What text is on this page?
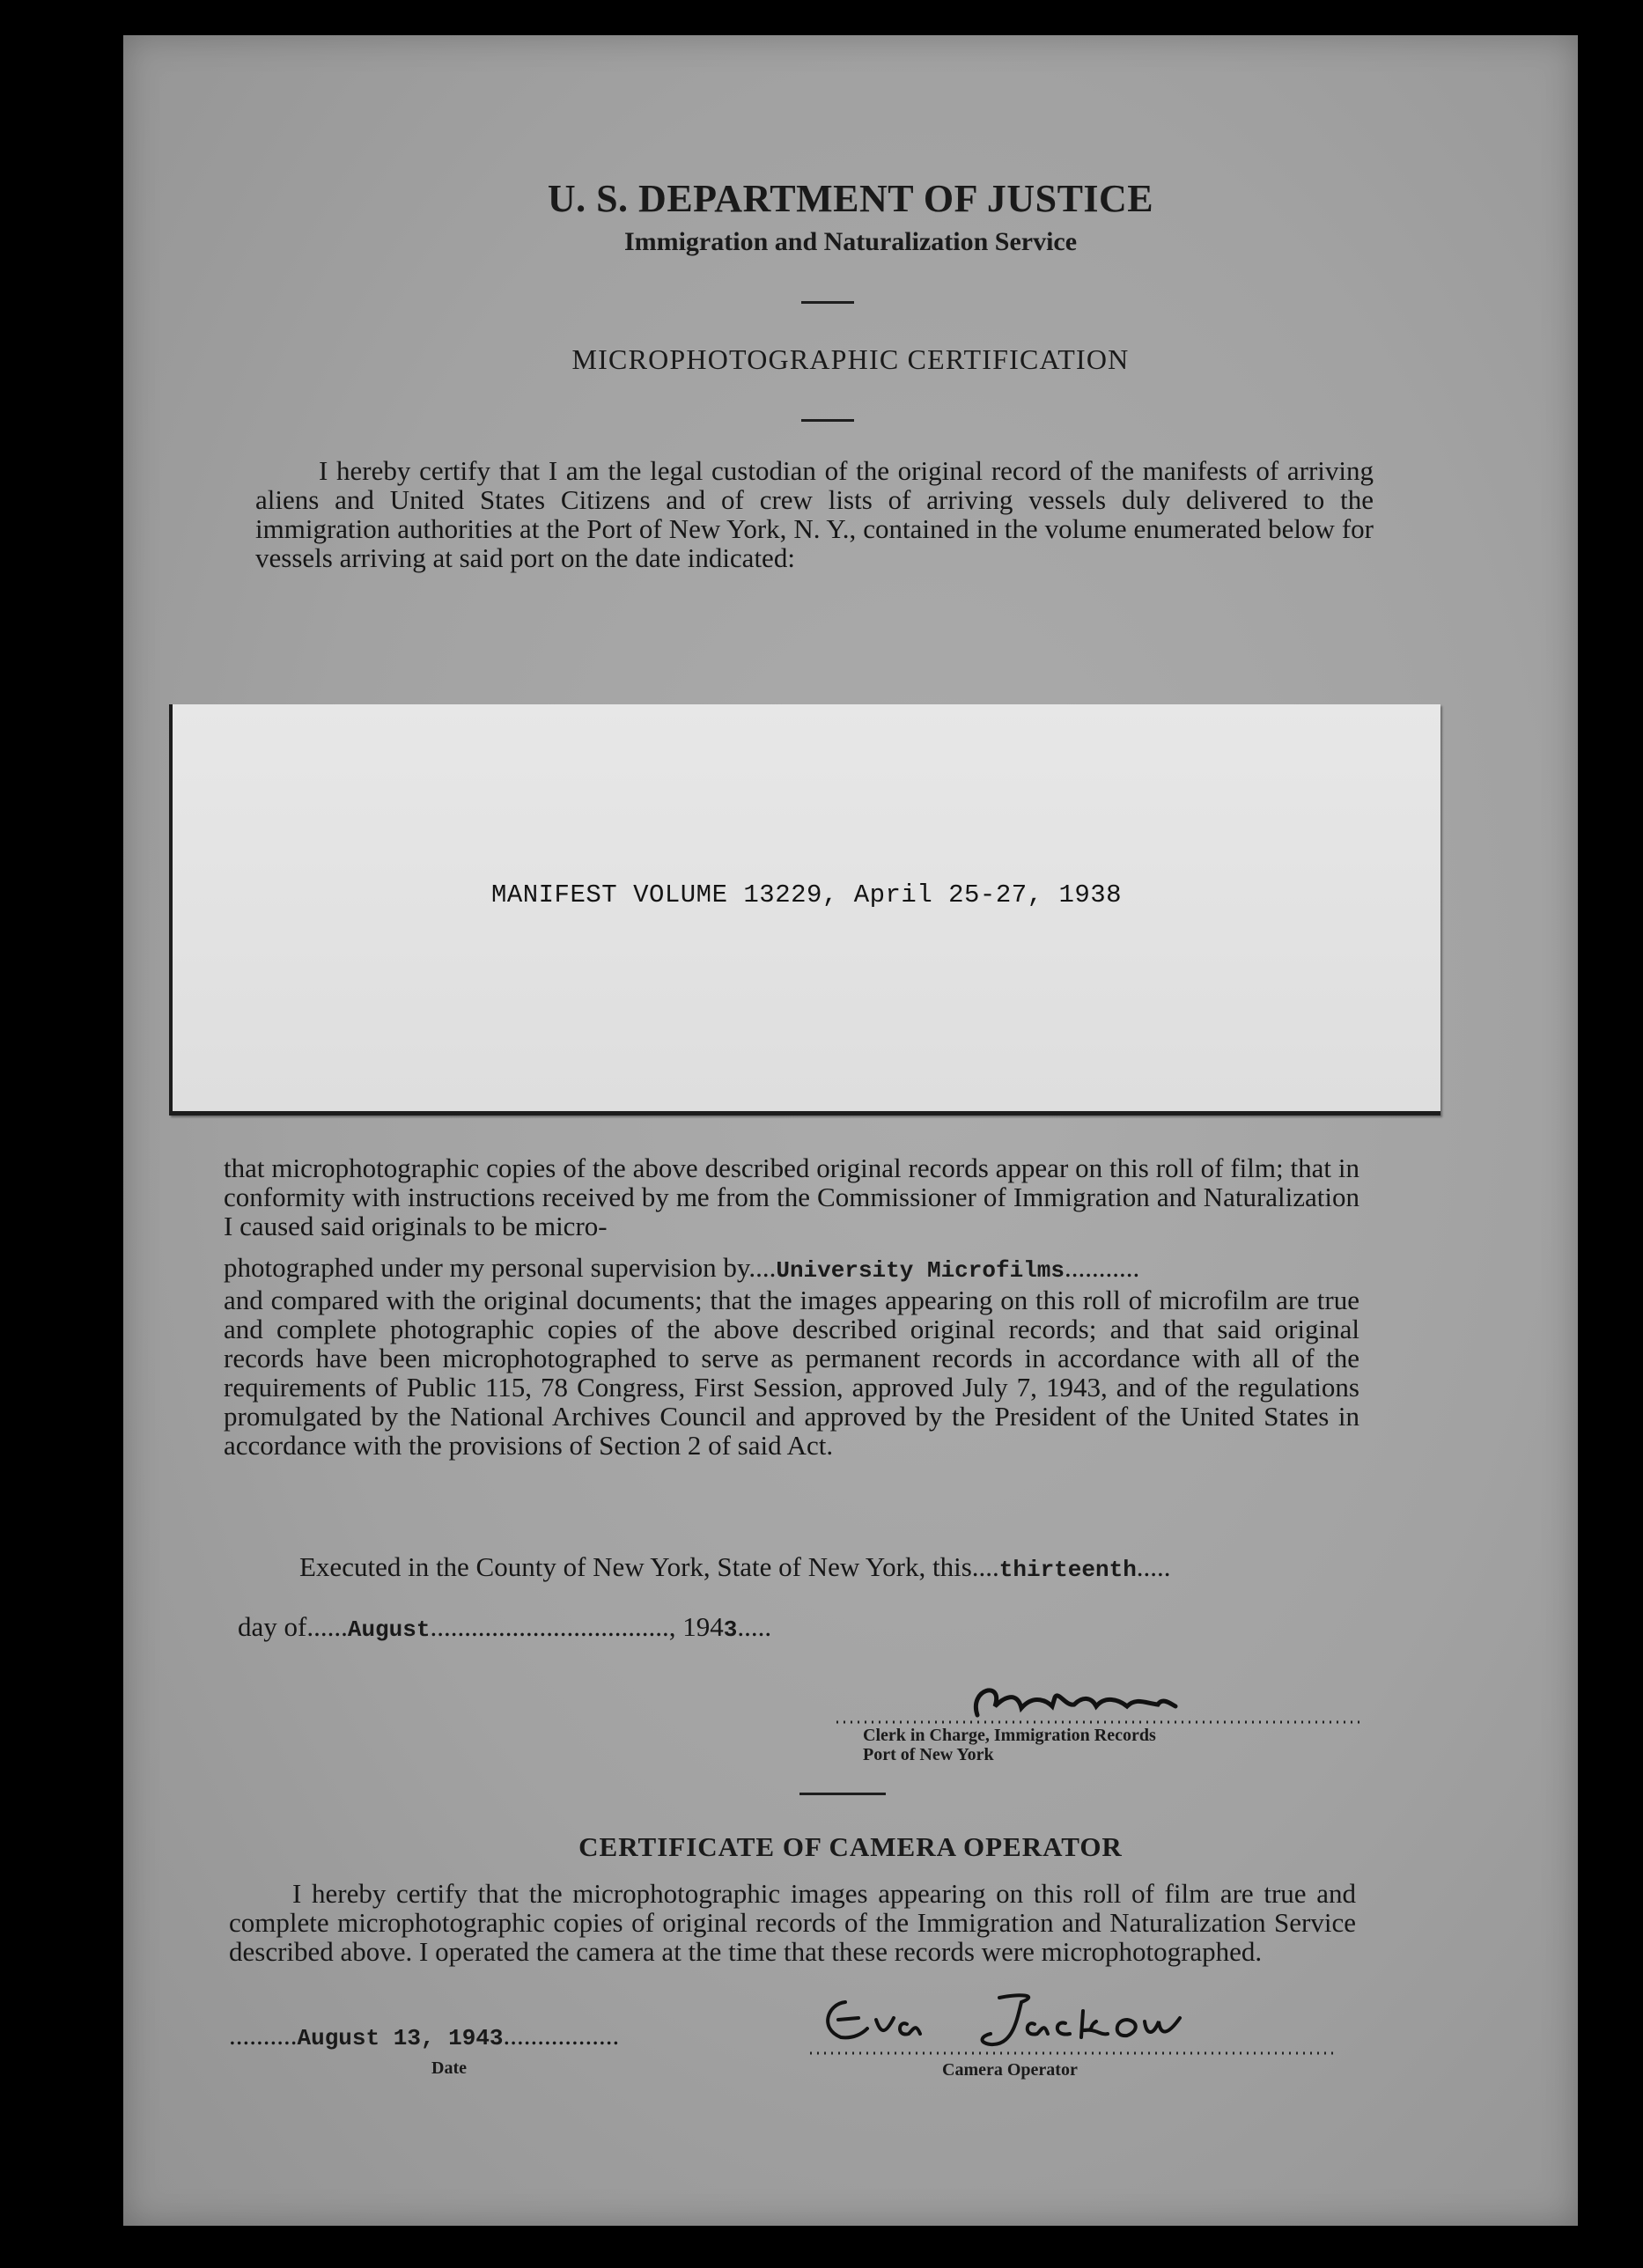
U. S. DEPARTMENT OF JUSTICE
Immigration and Naturalization Service
MICROPHOTOGRAPHIC CERTIFICATION
I hereby certify that I am the legal custodian of the original record of the manifests of arriving aliens and United States Citizens and of crew lists of arriving vessels duly delivered to the immigration authorities at the Port of New York, N. Y., contained in the volume enumerated below for vessels arriving at said port on the date indicated:
MANIFEST VOLUME 13229, April 25-27, 1938

that microphotographic copies of the above described original records appear on this roll of film; that in conformity with instructions received by me from the Commissioner of Immigration and Naturalization I caused said originals to be micro-

photographed under my personal supervision by....University Microfilms...........

and compared with the original documents; that the images appearing on this roll of microfilm are true and complete photographic copies of the above described original records; and that said original records have been microphotographed to serve as permanent records in accordance with all of the requirements of Public 115, 78 Congress, First Session, approved July 7, 1943, and of the regulations promulgated by the National Archives Council and approved by the President of the United States in accordance with the provisions of Section 2 of said Act.

Executed in the County of New York, State of New York, this....thirteenth.....
day of......August..................................., 1943.....
Clerk in Charge, Immigration Records
Port of New York
CERTIFICATE OF CAMERA OPERATOR
I hereby certify that the microphotographic images appearing on this roll of film are true and complete microphotographic copies of original records of the Immigration and Naturalization Service described above. I operated the camera at the time that these records were microphotographed.
..........August 13, 1943.................
Date	Camera Operator
